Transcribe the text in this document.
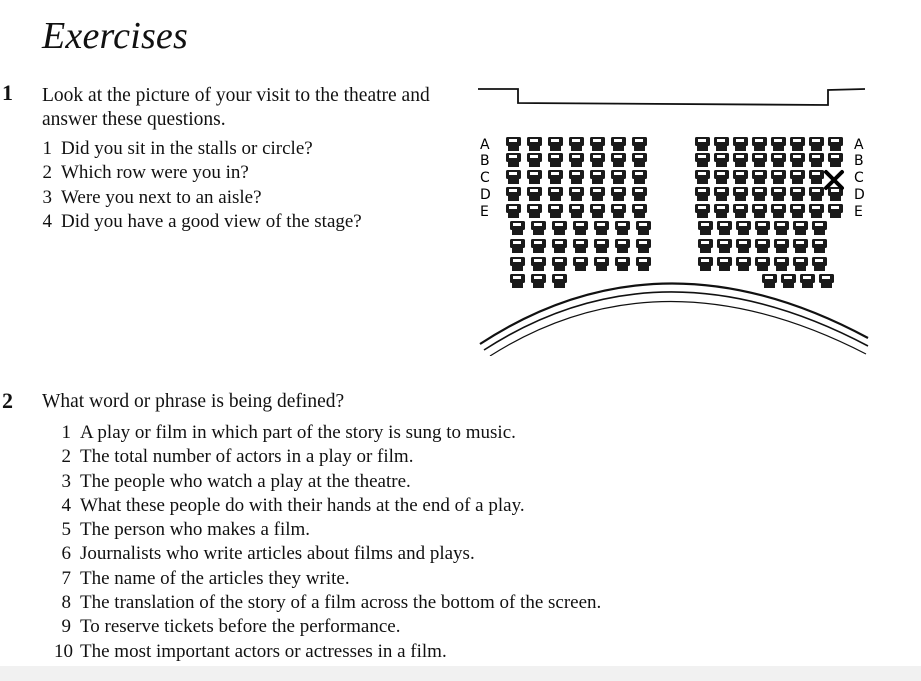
Exercises
1 Look at the picture of your visit to the theatre and answer these questions.
1 Did you sit in the stalls or circle?
2 Which row were you in?
3 Were you next to an aisle?
4 Did you have a good view of the stage?
A
B
C
D
E
A
B
C
D
E
2 What word or phrase is being defined?
1 A play or film in which part of the story is sung to music.
2 The total number of actors in a play or film.
3 The people who watch a play at the theatre.
4 What these people do with their hands at the end of a play.
5 The person who makes a film.
6 Journalists who write articles about films and plays.
7 The name of the articles they write.
8 The translation of the story of a film across the bottom of the screen.
9 To reserve tickets before the performance.
10 The most important actors or actresses in a film.
